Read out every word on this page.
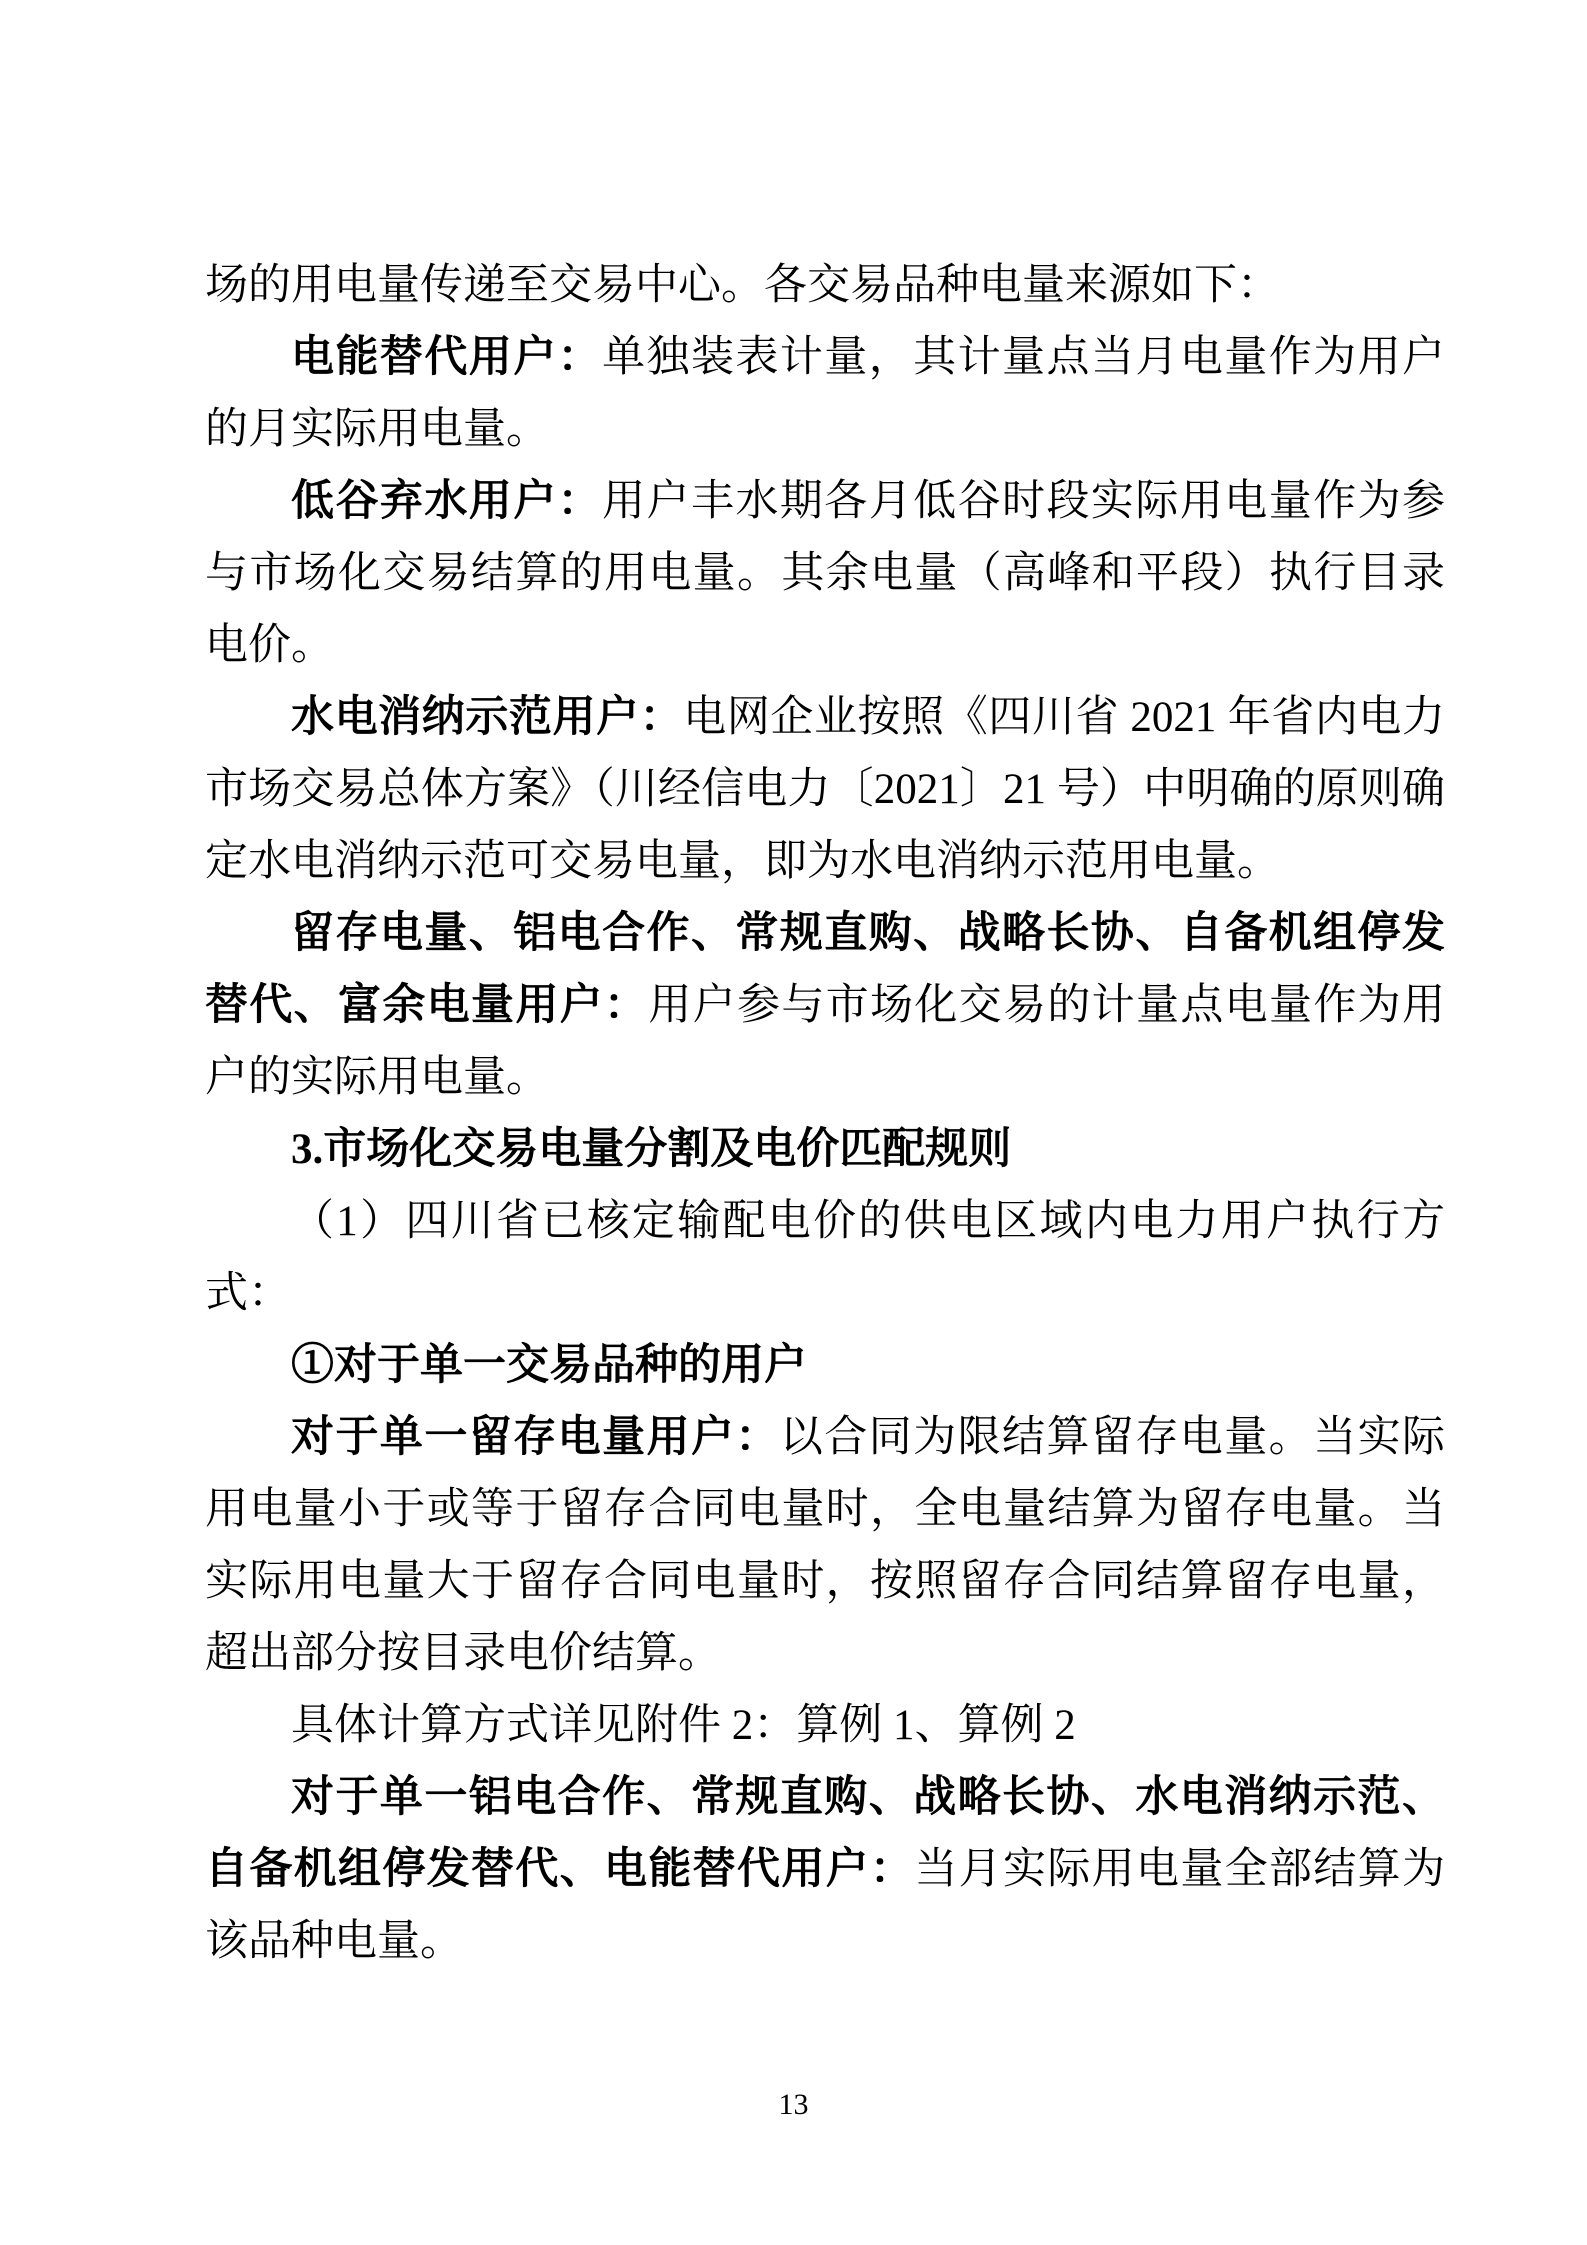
场的用电量传递至交易中心。各交易品种电量来源如下：

电能替代用户：单独装表计量，其计量点当月电量作为用户的月实际用电量。

低谷弃水用户：用户丰水期各月低谷时段实际用电量作为参与市场化交易结算的用电量。其余电量（高峰和平段）执行目录电价。

水电消纳示范用户：电网企业按照《四川省 2021 年省内电力市场交易总体方案》（川经信电力〔2021〕21 号）中明确的原则确定水电消纳示范可交易电量，即为水电消纳示范用电量。

留存电量、铝电合作、常规直购、战略长协、自备机组停发替代、富余电量用户：用户参与市场化交易的计量点电量作为用户的实际用电量。

3.市场化交易电量分割及电价匹配规则

（1）四川省已核定输配电价的供电区域内电力用户执行方式：

①对于单一交易品种的用户

对于单一留存电量用户：以合同为限结算留存电量。当实际用电量小于或等于留存合同电量时，全电量结算为留存电量。当实际用电量大于留存合同电量时，按照留存合同结算留存电量，超出部分按目录电价结算。

具体计算方式详见附件 2：算例 1、算例 2

对于单一铝电合作、常规直购、战略长协、水电消纳示范、自备机组停发替代、电能替代用户：当月实际用电量全部结算为该品种电量。

13
